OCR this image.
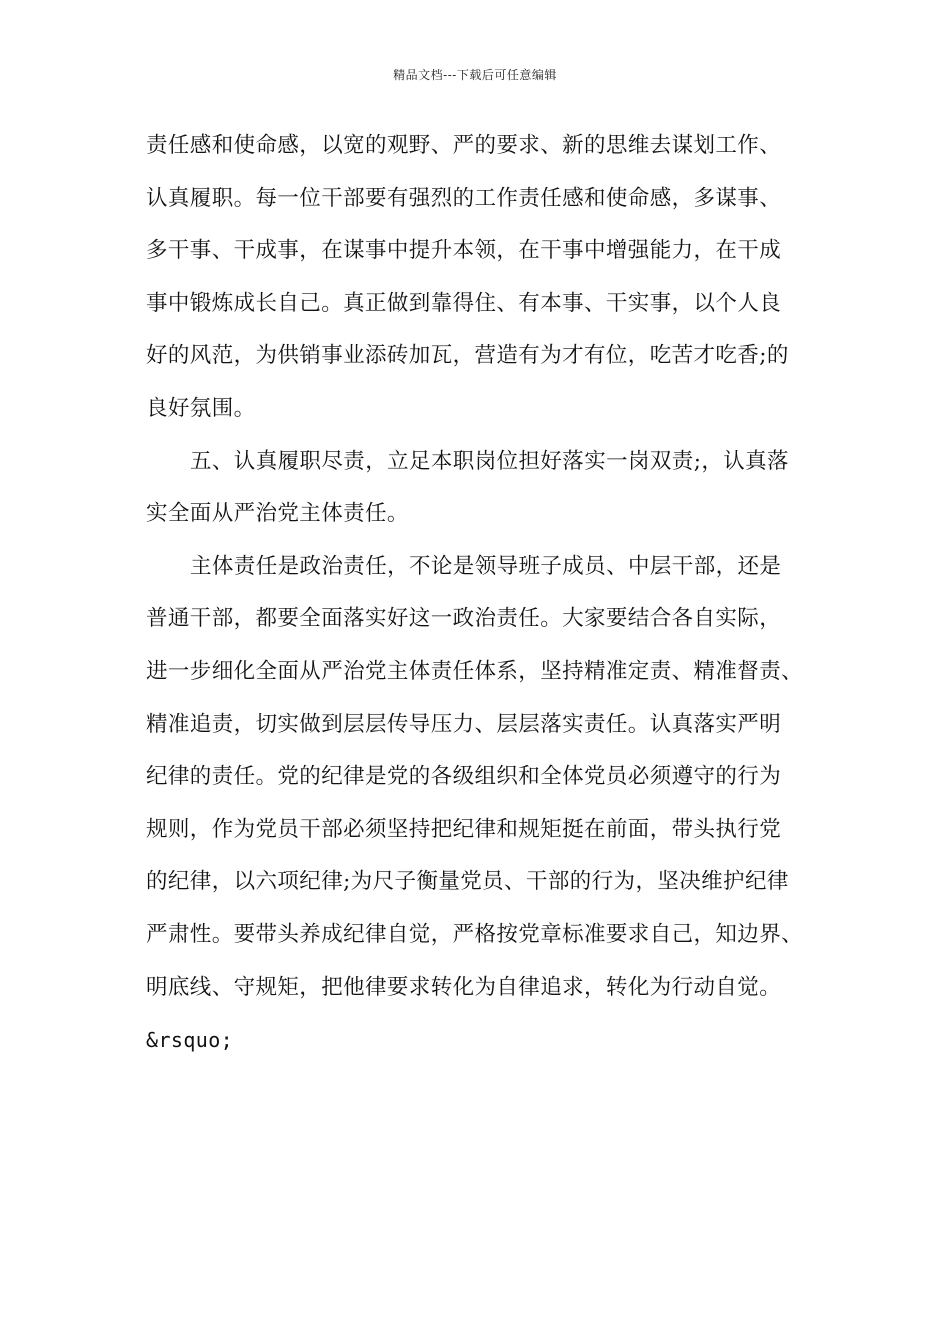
精品文档---下载后可任意编辑
责任感和使命感，以宽的观野、严的要求、新的思维去谋划工作、
认真履职。每一位干部要有强烈的工作责任感和使命感，多谋事、
多干事、干成事，在谋事中提升本领，在干事中增强能力，在干成
事中锻炼成长自己。真正做到靠得住、有本事、干实事，以个人良
好的风范，为供销事业添砖加瓦，营造有为才有位，吃苦才吃香;的
良好氛围。
五、认真履职尽责，立足本职岗位担好落实一岗双责;，认真落
实全面从严治党主体责任。
主体责任是政治责任，不论是领导班子成员、中层干部，还是
普通干部，都要全面落实好这一政治责任。大家要结合各自实际，
进一步细化全面从严治党主体责任体系，坚持精准定责、精准督责、
精准追责，切实做到层层传导压力、层层落实责任。认真落实严明
纪律的责任。党的纪律是党的各级组织和全体党员必须遵守的行为
规则，作为党员干部必须坚持把纪律和规矩挺在前面，带头执行党
的纪律，以六项纪律;为尺子衡量党员、干部的行为，坚决维护纪律
严肃性。要带头养成纪律自觉，严格按党章标准要求自己，知边界、
明底线、守规矩，把他律要求转化为自律追求，转化为行动自觉。
&rsquo;
